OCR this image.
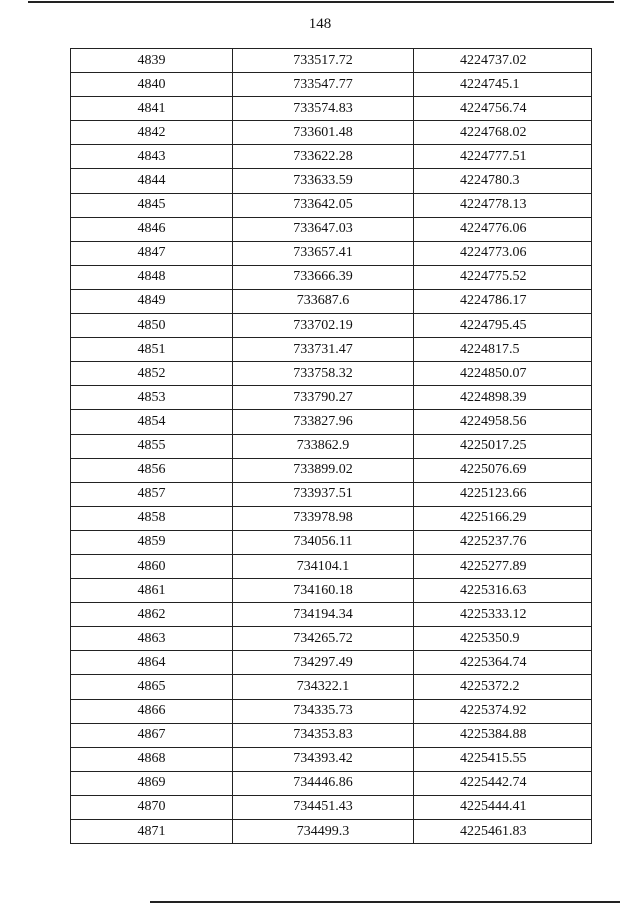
148
4839	733517.72	4224737.02
4840	733547.77	4224745.1
4841	733574.83	4224756.74
4842	733601.48	4224768.02
4843	733622.28	4224777.51
4844	733633.59	4224780.3
4845	733642.05	4224778.13
4846	733647.03	4224776.06
4847	733657.41	4224773.06
4848	733666.39	4224775.52
4849	733687.6	4224786.17
4850	733702.19	4224795.45
4851	733731.47	4224817.5
4852	733758.32	4224850.07
4853	733790.27	4224898.39
4854	733827.96	4224958.56
4855	733862.9	4225017.25
4856	733899.02	4225076.69
4857	733937.51	4225123.66
4858	733978.98	4225166.29
4859	734056.11	4225237.76
4860	734104.1	4225277.89
4861	734160.18	4225316.63
4862	734194.34	4225333.12
4863	734265.72	4225350.9
4864	734297.49	4225364.74
4865	734322.1	4225372.2
4866	734335.73	4225374.92
4867	734353.83	4225384.88
4868	734393.42	4225415.55
4869	734446.86	4225442.74
4870	734451.43	4225444.41
4871	734499.3	4225461.83
